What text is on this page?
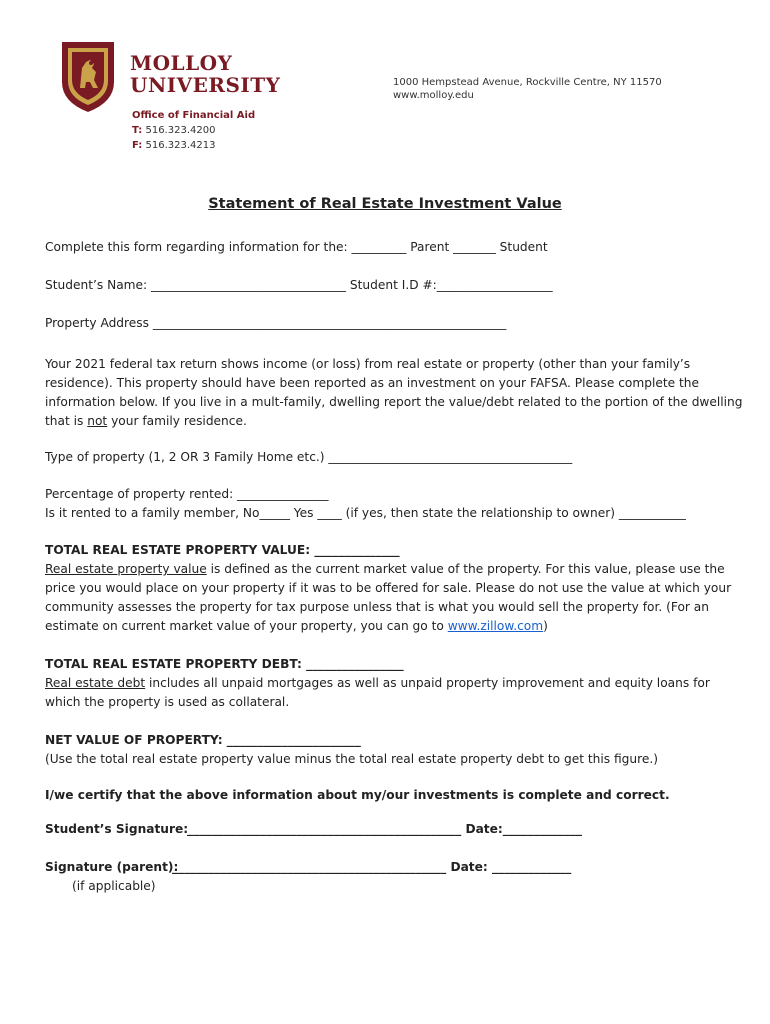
MOLLOY
UNIVERSITY
Office of Financial Aid
T: 516.323.4200
F: 516.323.4213
1000 Hempstead Avenue, Rockville Centre, NY 11570
www.molloy.edu
Statement of Real Estate Investment Value
Complete this form regarding information for the: _________ Parent _______ Student
Student’s Name: ________________________________ Student I.D #:___________________
Property Address __________________________________________________________
Your 2021 federal tax return shows income (or loss) from real estate or property (other than your family’s residence). This property should have been reported as an investment on your FAFSA. Please complete the information below. If you live in a mult-family, dwelling report the value/debt related to the portion of the dwelling that is not your family residence.
Type of property (1, 2 OR 3 Family Home etc.) ________________________________________
Percentage of property rented: _______________
Is it rented to a family member, No_____ Yes ____ (if yes, then state the relationship to owner) ___________
TOTAL REAL ESTATE PROPERTY VALUE: ______________
Real estate property value is defined as the current market value of the property. For this value, please use the price you would place on your property if it was to be offered for sale. Please do not use the value at which your community assesses the property for tax purpose unless that is what you would sell the property for. (For an estimate on current market value of your property, you can go to www.zillow.com)
TOTAL REAL ESTATE PROPERTY DEBT: ________________
Real estate debt includes all unpaid mortgages as well as unpaid property improvement and equity loans for which the property is used as collateral.
NET VALUE OF PROPERTY: ______________________
(Use the total real estate property value minus the total real estate property debt to get this figure.)
I/we certify that the above information about my/our investments is complete and correct.
Student’s Signature:
_____________________________________________ Date:_____________
Signature (parent):
_____________________________________________ Date: _____________
(if applicable)
